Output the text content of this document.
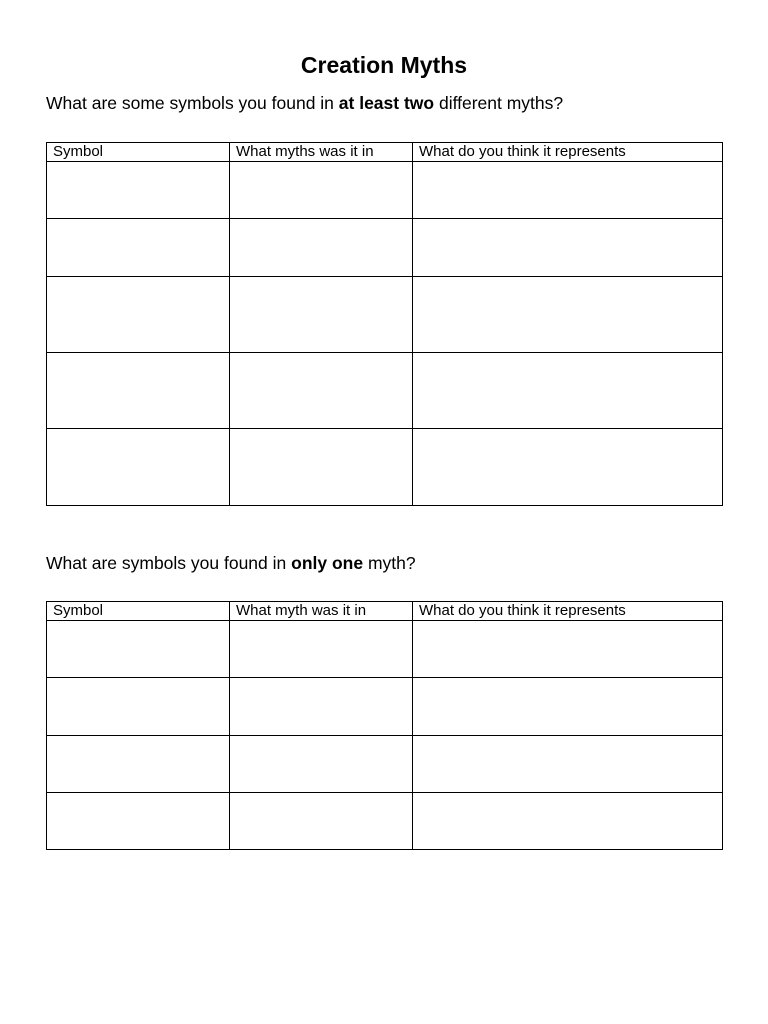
Creation Myths
What are some symbols you found in at least two different myths?
Symbol	What myths was it in	What do you think it represents

What are symbols you found in only one myth?
Symbol	What myth was it in	What do you think it represents
